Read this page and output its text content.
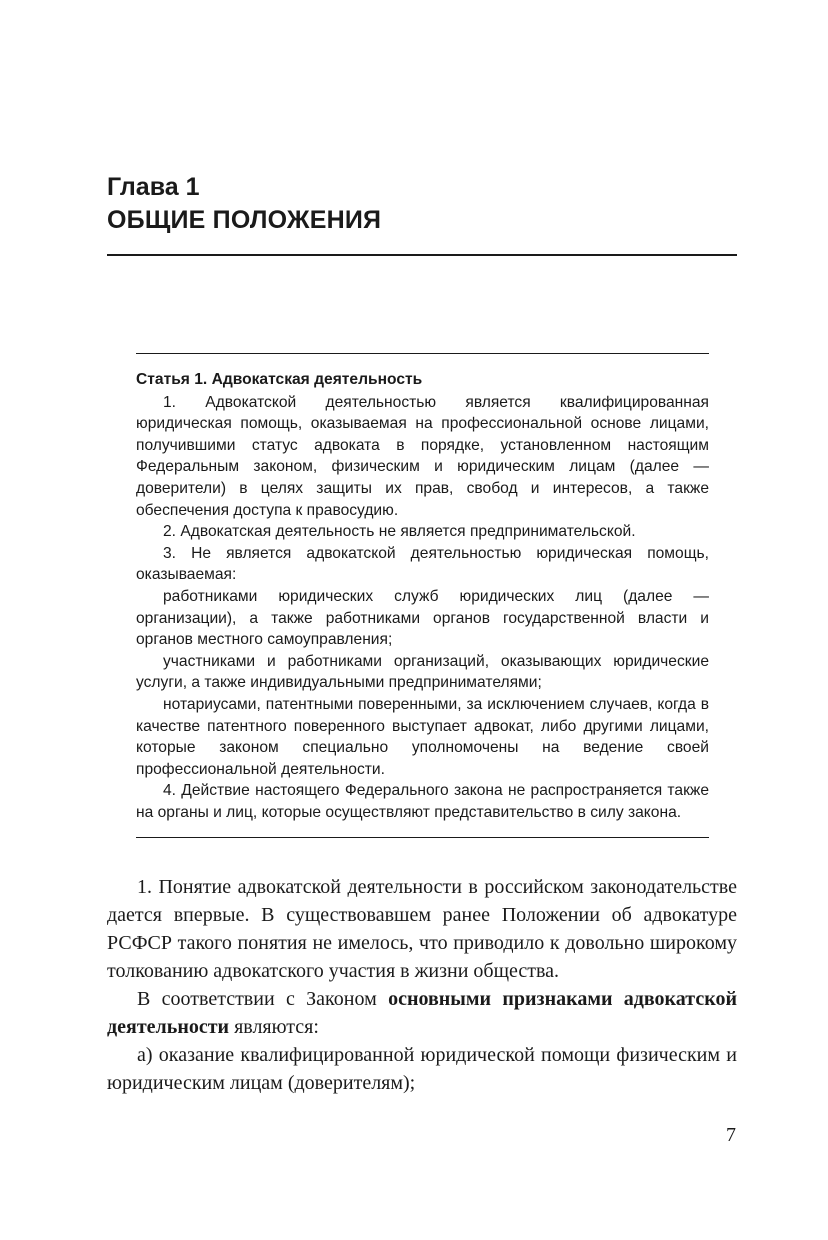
Глава 1
ОБЩИЕ ПОЛОЖЕНИЯ

Статья 1. Адвокатская деятельность

1. Адвокатской деятельностью является квалифицированная юридическая помощь, оказываемая на профессиональной основе лицами, получившими статус адвоката в порядке, установленном настоящим Федеральным законом, физическим и юридическим лицам (далее — доверители) в целях защиты их прав, свобод и интересов, а также обеспечения доступа к правосудию.

2. Адвокатская деятельность не является предпринимательской.

3. Не является адвокатской деятельностью юридическая помощь, оказываемая:

работниками юридических служб юридических лиц (далее — организации), а также работниками органов государственной власти и органов местного самоуправления;

участниками и работниками организаций, оказывающих юридические услуги, а также индивидуальными предпринимателями;

нотариусами, патентными поверенными, за исключением случаев, когда в качестве патентного поверенного выступает адвокат, либо другими лицами, которые законом специально уполномочены на ведение своей профессиональной деятельности.

4. Действие настоящего Федерального закона не распространяется также на органы и лиц, которые осуществляют представительство в силу закона.

1. Понятие адвокатской деятельности в российском законодательстве дается впервые. В существовавшем ранее Положении об адвокатуре РСФСР такого понятия не имелось, что приводило к довольно широкому толкованию адвокатского участия в жизни общества.

В соответствии с Законом основными признаками адвокатской деятельности являются:

а) оказание квалифицированной юридической помощи физическим и юридическим лицам (доверителям);

7
